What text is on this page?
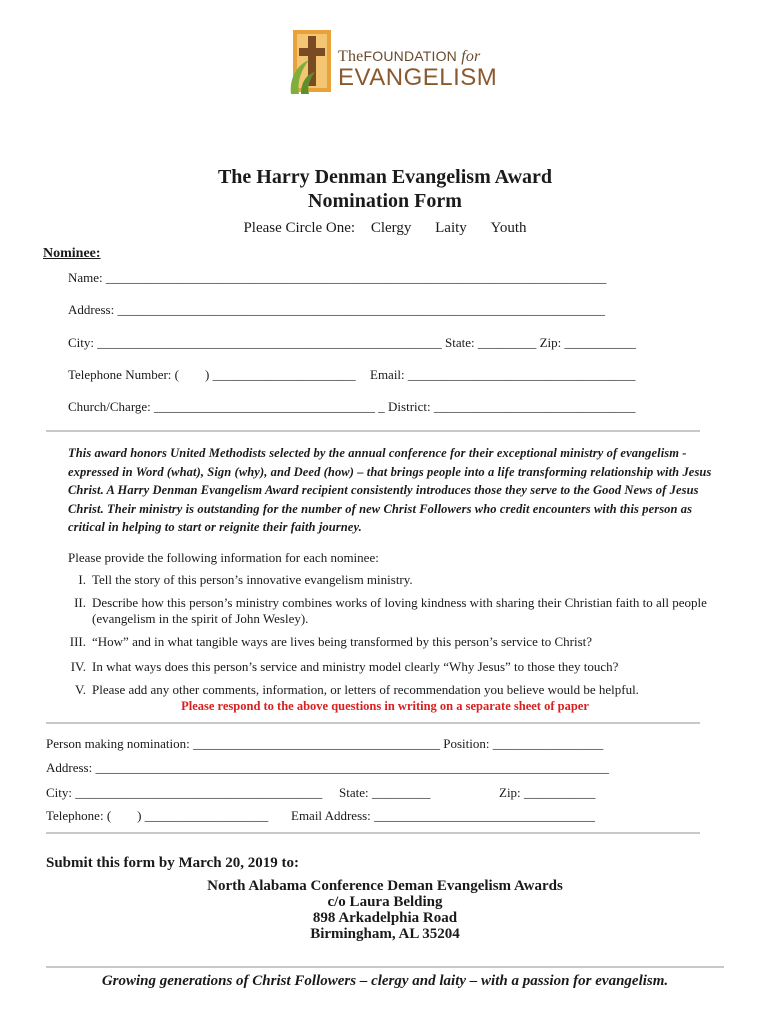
TheFOUNDATION for
EVANGELISM
The Harry Denman Evangelism Award
Nomination Form
Please Circle One: Clergy Laity Youth
Nominee:
Name: _____________________________________________________________________________
Address: ___________________________________________________________________________
City: _____________________________________________________ State: _________ Zip: ___________
Telephone Number: (        ) ______________________ Email: ___________________________________
Church/Charge: __________________________________ _ District: _______________________________
This award honors United Methodists selected by the annual conference for their exceptional ministry of evangelism - expressed in Word (what), Sign (why), and Deed (how) – that brings people into a life transforming relationship with Jesus Christ. A Harry Denman Evangelism Award recipient consistently introduces those they serve to the Good News of Jesus Christ. Their ministry is outstanding for the number of new Christ Followers who credit encounters with this person as critical in helping to start or reignite their faith journey.
Please provide the following information for each nominee:
I. Tell the story of this person’s innovative evangelism ministry.
II. Describe how this person’s ministry combines works of loving kindness with sharing their Christian faith to all people (evangelism in the spirit of John Wesley).
III. “How” and in what tangible ways are lives being transformed by this person’s service to Christ?
IV. In what ways does this person’s service and ministry model clearly “Why Jesus” to those they touch?
V. Please add any other comments, information, or letters of recommendation you believe would be helpful.
Please respond to the above questions in writing on a separate sheet of paper
Person making nomination: ______________________________________ Position: _________________
Address: _______________________________________________________________________________
City: ______________________________________ State: _________	Zip: ___________
Telephone: (        ) ___________________ Email Address: __________________________________
Submit this form by March 20, 2019 to:
North Alabama Conference Deman Evangelism Awards
c/o Laura Belding
898 Arkadelphia Road
Birmingham, AL 35204
Growing generations of Christ Followers – clergy and laity – with a passion for evangelism.
